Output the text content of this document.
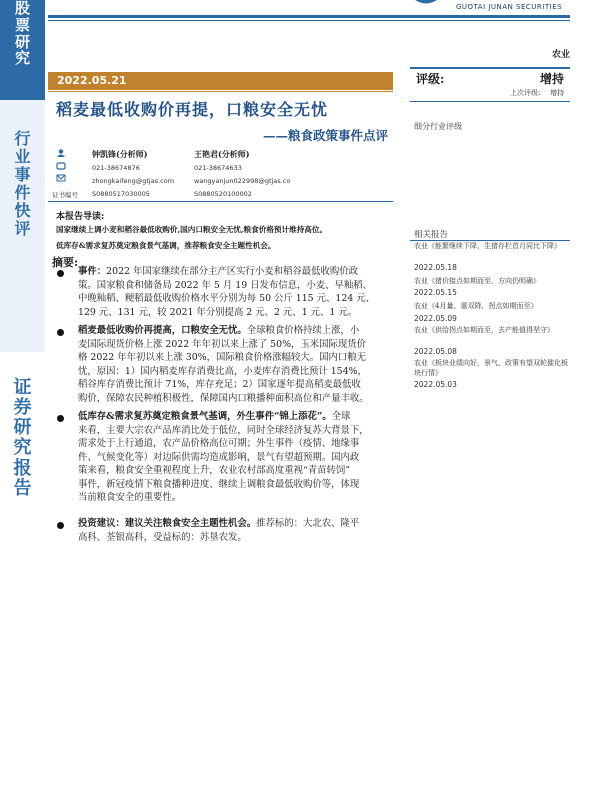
股
票
研
究
行
业
事
件
快
评
证
券
研
究
报
告
GUOTAI JUNAN SECURITIES
农业
2022.05.21
稻麦最低收购价再提，口粮安全无忧
——粮食政策事件点评
证书编号
钟凯锋(分析师)
021-38674876
zhongkaifeng@gtjas.com
S0880517030005
王艳君(分析师)
021-38674633
wangyanjun022998@gtjas.co
S0880520100002
本报告导读:
国家继续上调小麦和稻谷最低收购价,国内口粮安全无忧,粮食价格预计维持高位。
低库存&需求复苏奠定粮食景气基调，推荐粮食安全主题性机会。
摘要:
事件：2022 年国家继续在部分主产区实行小麦和稻谷最低收购价政
策。国家粮食和储备局 2022 年 5 月 19 日发布信息，小麦、早籼稻、
中晚籼稻、粳稻最低收购价格水平分别为每 50 公斤 115 元、124 元、
129 元、131 元，较 2021 年分别提高 2 元、2 元、1 元、1 元。
稻麦最低收购价再提高，口粮安全无忧。全球粮食价格持续上涨，小
麦国际现货价格上涨 2022 年年初以来上涨了 50%，玉米国际现货价
格 2022 年年初以来上涨 30%，国际粮食价格涨幅较大。国内口粮无
忧，原因：1）国内稻麦库存消费比高，小麦库存消费比预计 154%，
稻谷库存消费比预计 71%，库存充足；2）国家逐年提高稻麦最低收
购价，保障农民种植积极性，保障国内口粮播种面积高位和产量丰收。
低库存&需求复苏奠定粮食景气基调，外生事件“锦上添花”。全球
来看，主要大宗农产品库消比处于低位，同时全球经济复苏大背景下，
需求处于上行通道，农产品价格高位可期；外生事件（疫情、地缘事
件、气候变化等）对边际供需均造成影响，景气有望超预期。国内政
策来看，粮食安全重视程度上升，农业农村部高度重视“青苗转饲”
事件，新冠疫情下粮食播种进度、继续上调粮食最低收购价等，体现
当前粮食安全的重要性。
投资建议：建议关注粮食安全主题性机会。推荐标的：大北农、隆平
高科、荃银高科，受益标的：苏垦农发。
评级:	增持
上次评级: 增持
细分行业评级
相关报告
农业《能繁继续下降，生猪存栏首月同比下降》
2022.05.18
农业《猪价接点如期而至，方向仍明确》
2022.05.15
农业《4月量、重双降，拐点如期而至》
2022.05.09
农业《供给拐点如期而至，去产能值得坚守》
2022.05.08
农业《板块业绩向好，景气、政策有望双轮催化板块行情》
2022.05.03
